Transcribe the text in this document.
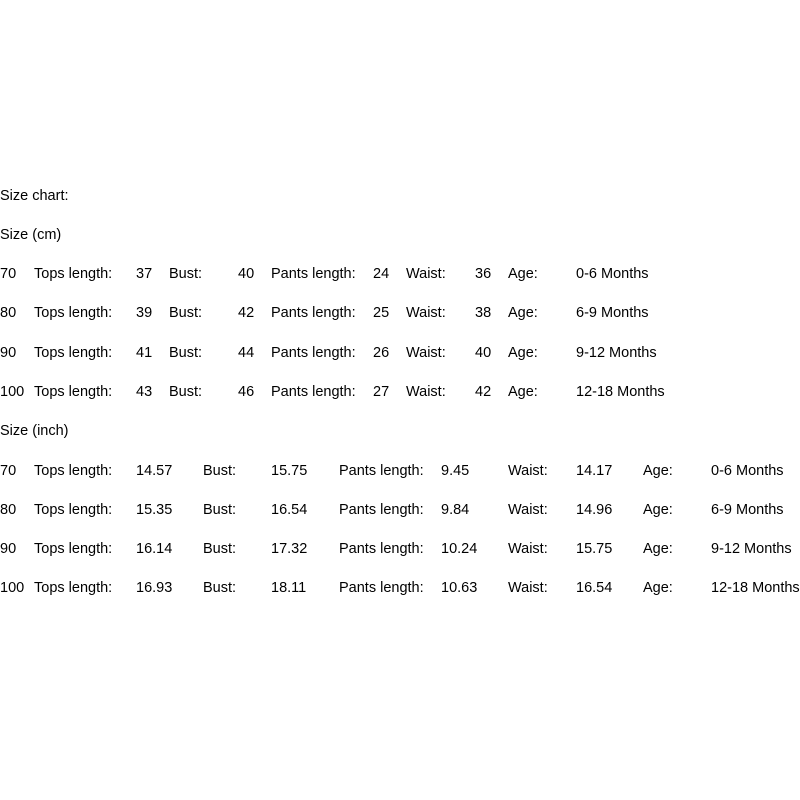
Size chart:
Size (cm)
70 Tops length: 37 Bust: 40 Pants length: 24 Waist: 36 Age:	0-6 Months
80 Tops length: 39 Bust: 42 Pants length: 25 Waist: 38 Age:	6-9 Months
90 Tops length: 41 Bust: 44 Pants length: 26 Waist: 40 Age:	9-12 Months
100 Tops length: 43 Bust: 46 Pants length: 27 Waist: 42 Age:	12-18 Months
Size (inch)
70 Tops length: 14.57 Bust: 15.75 Pants length: 9.45	Waist: 14.17 Age:	0-6 Months
80 Tops length: 15.35 Bust: 16.54 Pants length: 9.84	Waist: 14.96 Age:	6-9 Months
90 Tops length: 16.14 Bust: 17.32 Pants length: 10.24 Waist: 15.75 Age:	9-12 Months
100 Tops length: 16.93 Bust: 18.11 Pants length: 10.63 Waist: 16.54 Age:	12-18 Months
